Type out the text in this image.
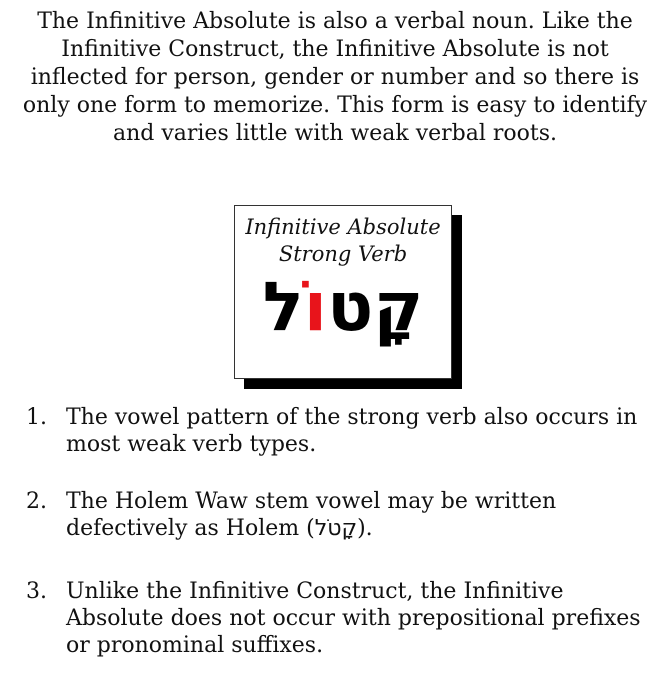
The Infinitive Absolute is also a verbal noun. Like the Infinitive Construct, the Infinitive Absolute is not inflected for person, gender or number and so there is only one form to memorize. This form is easy to identify and varies little with weak verbal roots.

Infinitive Absolute
Strong Verb
קָטוֹל
1. The vowel pattern of the strong verb also occurs in most weak verb types.
2. The Holem Waw stem vowel may be written defectively as Holem (קָטֹל).
3. Unlike the Infinitive Construct, the Infinitive Absolute does not occur with prepositional prefixes or pronominal suffixes.
